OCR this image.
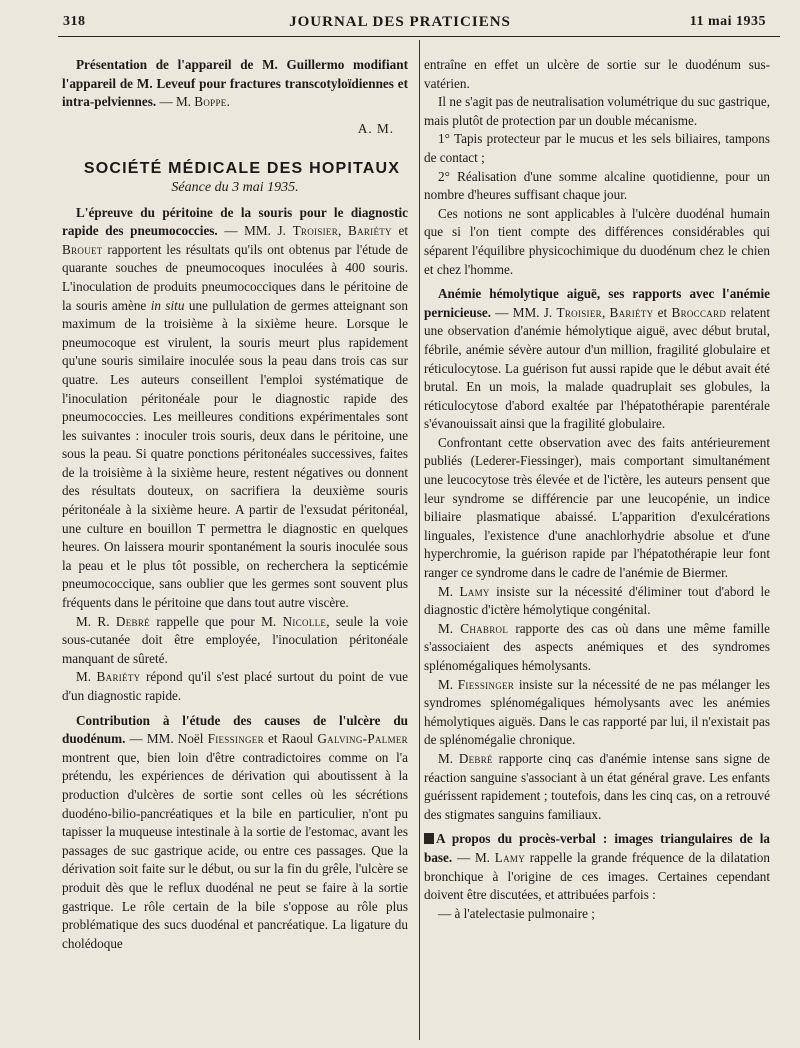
318	JOURNAL DES PRATICIENS	11 mai 1935

Présentation de l'appareil de M. Guillermo modifiant l'appareil de M. Leveuf pour fractures transcotyloïdiennes et intra-pelviennes. — M. Boppe.

A. M.

SOCIÉTÉ MÉDICALE DES HOPITAUX

Séance du 3 mai 1935.

L'épreuve du péritoine de la souris pour le diagnostic rapide des pneumococcies. — MM. J. Troisier, Bariéty et Brouet rapportent les résultats qu'ils ont obtenus par l'étude de quarante souches de pneumocoques inoculées à 400 souris. L'inoculation de produits pneumococciques dans le péritoine de la souris amène in situ une pullulation de germes atteignant son maximum de la troisième à la sixième heure. Lorsque le pneumocoque est virulent, la souris meurt plus rapidement qu'une souris similaire inoculée sous la peau dans trois cas sur quatre. Les auteurs conseillent l'emploi systématique de l'inoculation péritonéale pour le diagnostic rapide des pneumococcies. Les meilleures conditions expérimentales sont les suivantes : inoculer trois souris, deux dans le péritoine, une sous la peau. Si quatre ponctions péritonéales successives, faites de la troisième à la sixième heure, restent négatives ou donnent des résultats douteux, on sacrifiera la deuxième souris péritonéale à la sixième heure. A partir de l'exsudat péritonéal, une culture en bouillon T permettra le diagnostic en quelques heures. On laissera mourir spontanément la souris inoculée sous la peau et le plus tôt possible, on recherchera la septicémie pneumococcique, sans oublier que les germes sont souvent plus fréquents dans le péritoine que dans tout autre viscère.

M. R. Debré rappelle que pour M. Nicolle, seule la voie sous-cutanée doit être employée, l'inoculation péritonéale manquant de sûreté.

M. Bariéty répond qu'il s'est placé surtout du point de vue d'un diagnostic rapide.

Contribution à l'étude des causes de l'ulcère du duodénum. — MM. Noël Fiessinger et Raoul Galving-Palmer montrent que, bien loin d'être contradictoires comme on l'a prétendu, les expériences de dérivation qui aboutissent à la production d'ulcères de sortie sont celles où les sécrétions duodéno-bilio-pancréatiques et la bile en particulier, n'ont pu tapisser la muqueuse intestinale à la sortie de l'estomac, avant les passages de suc gastrique acide, ou entre ces passages. Que la dérivation soit faite sur le début, ou sur la fin du grêle, l'ulcère se produit dès que le reflux duodénal ne peut se faire à la sortie gastrique. Le rôle certain de la bile s'oppose au rôle plus problématique des sucs duodénal et pancréatique. La ligature du cholédoque

entraîne en effet un ulcère de sortie sur le duodénum sus-vatérien.

Il ne s'agit pas de neutralisation volumétrique du suc gastrique, mais plutôt de protection par un double mécanisme.

1° Tapis protecteur par le mucus et les sels biliaires, tampons de contact ;

2° Réalisation d'une somme alcaline quotidienne, pour un nombre d'heures suffisant chaque jour.

Ces notions ne sont applicables à l'ulcère duodénal humain que si l'on tient compte des différences considérables qui séparent l'équilibre physicochimique du duodénum chez le chien et chez l'homme.

Anémie hémolytique aiguë, ses rapports avec l'anémie pernicieuse. — MM. J. Troisier, Bariéty et Broccard relatent une observation d'anémie hémolytique aiguë, avec début brutal, fébrile, anémie sévère autour d'un million, fragilité globulaire et réticulocytose. La guérison fut aussi rapide que le début avait été brutal. En un mois, la malade quadruplait ses globules, la réticulocytose d'abord exaltée par l'hépatothérapie parentérale s'évanouissait ainsi que la fragilité globulaire.

Confrontant cette observation avec des faits antérieurement publiés (Lederer-Fiessinger), mais comportant simultanément une leucocytose très élevée et de l'ictère, les auteurs pensent que leur syndrome se différencie par une leucopénie, un indice biliaire plasmatique abaissé. L'apparition d'exulcérations linguales, l'existence d'une anachlorhydrie absolue et d'une hyperchromie, la guérison rapide par l'hépatothérapie leur font ranger ce syndrome dans le cadre de l'anémie de Biermer.

M. Lamy insiste sur la nécessité d'éliminer tout d'abord le diagnostic d'ictère hémolytique congénital.

M. Chabrol rapporte des cas où dans une même famille s'associaient des aspects anémiques et des syndromes splénomégaliques hémolysants.

M. Fiessinger insiste sur la nécessité de ne pas mélanger les syndromes splénomégaliques hémolysants avec les anémies hémolytiques aiguës. Dans le cas rapporté par lui, il n'existait pas de splénomégalie chronique.

M. Debré rapporte cinq cas d'anémie intense sans signe de réaction sanguine s'associant à un état général grave. Les enfants guérissent rapidement ; toutefois, dans les cinq cas, on a retrouvé des stigmates sanguins familiaux.

A propos du procès-verbal : images triangulaires de la base. — M. Lamy rappelle la grande fréquence de la dilatation bronchique à l'origine de ces images. Certaines cependant doivent être discutées, et attribuées parfois :

— à l'atelectasie pulmonaire ;
